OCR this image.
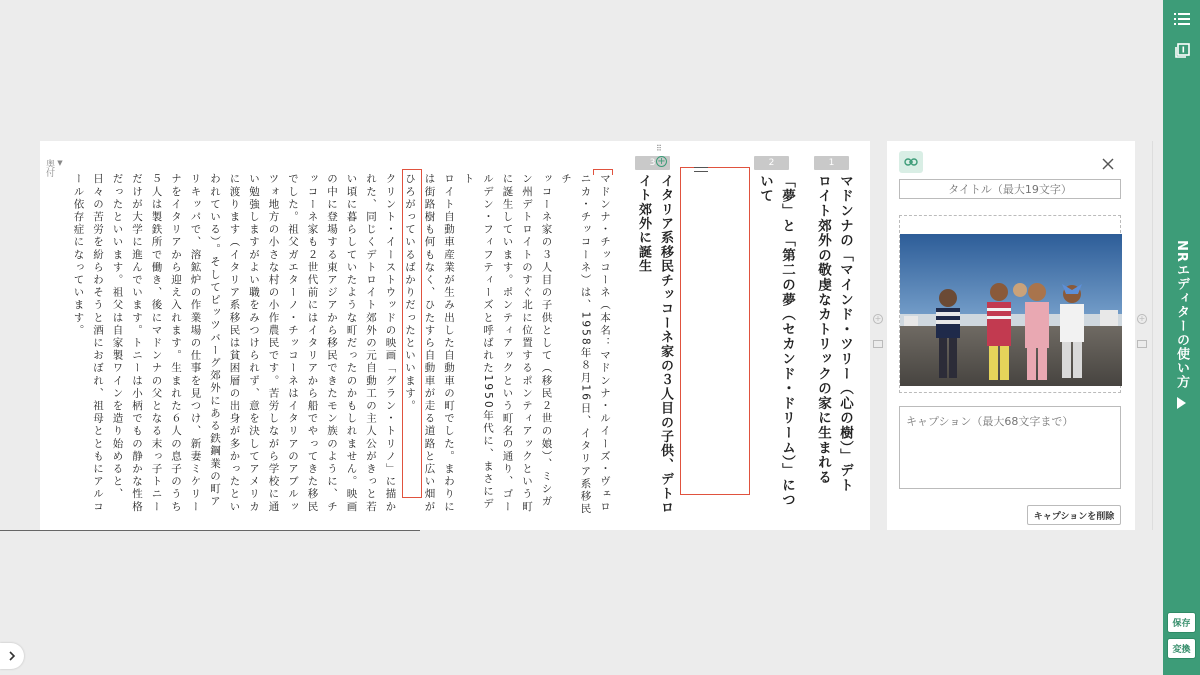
NRエディターの使い方
保存
変換
▼
奥付	1
2
3
マドンナの「マインド・ツリー（心の樹）」デト
ロイト郊外の敬虔なカトリックの家に生まれる
「夢」と「第二の夢（セカンド・ドリーム）」につ
いて
イタリア系移民チッコーネ家の３人目の子供、デトロ
イト郊外に誕生
マドンナ・チッコーネ（本名：マドンナ・ルイーズ・ヴェロ
ニカ・チッコーネ）は、1958年８月16日、イタリア系移民チ
ッコーネ家の３人目の子供として（移民２世の娘）、ミシガ
ン州デトロイトのすぐ北に位置するポンティアックという町
に誕生しています。ポンティアックという町名の通り、ゴー
ルデン・フィフティーズと呼ばれた1950年代に、まさにデト
ロイト自動車産業が生み出した自動車の町でした。まわりに
は街路樹も何もなく、ひたすら自動車が走る道路と広い畑が
ひろがっているばかりだったといいます。
クリント・イーストウッドの映画「グラン・トリノ」に描か
れた、同じくデトロイト郊外の元自動工の主人公がきっと若
い頃に暮らしていたような町だったのかもしれません。映画
の中に登場する東アジアから移民できたモン族のように、チ
ッコーネ家も２世代前にはイタリアから船でやってきた移民
でした。祖父ガエターノ・チッコーネはイタリアのアブルッ
ツォ地方の小さな村の小作農民です。苦労しながら学校に通
い勉強しますがよい職をみつけられず、意を決してアメリカ
に渡ります（イタリア系移民は貧困層の出身が多かったとい
われている）。そしてピッツバーグ郊外にある鉄鋼業の町ア
リキッパで、溶鉱炉の作業場の仕事を見つけ、新妻ミケリー
ナをイタリアから迎え入れます。生まれた６人の息子のうち
５人は製鉄所で働き、後にマドンナの父となる末っ子トニー
だけが大学に進んでいます。トニーは小柄でもの静かな性格
だったといいます。祖父は自家製ワインを造り始めると、
日々の苦労を紛らわそうと酒におぼれ、祖母とともにアルコ
ール依存症になっています。
⠿
+
+
タイトル（最大19文字）
キャプション（最大68文字まで）
キャプションを削除
+
